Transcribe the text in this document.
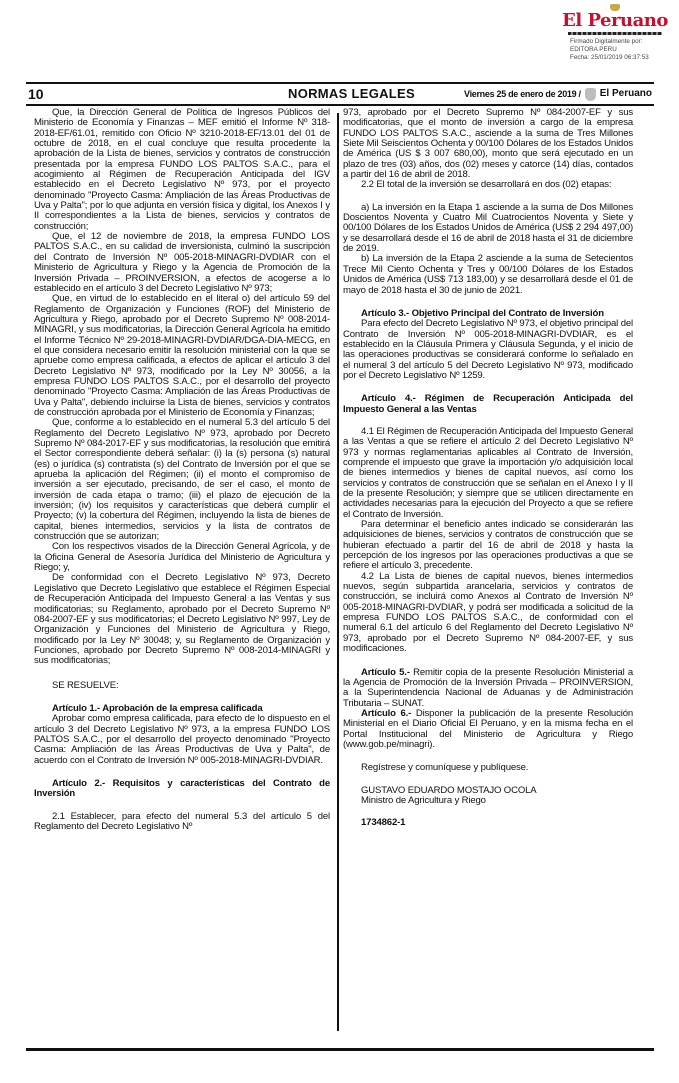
El Peruano
Firmado Digitalmente por:
EDITORA PERU
Fecha: 25/01/2019 06:37:53
10	NORMAS LEGALES	Viernes 25 de enero de 2019 / El Peruano

Que, la Dirección General de Política de Ingresos Públicos del Ministerio de Economía y Finanzas – MEF emitió el Informe Nº 318-2018-EF/61.01, remitido con Oficio Nº 3210-2018-EF/13.01 del 01 de octubre de 2018, en el cual concluye que resulta procedente la aprobación de la Lista de bienes, servicios y contratos de construcción presentada por la empresa FUNDO LOS PALTOS S.A.C., para el acogimiento al Régimen de Recuperación Anticipada del IGV establecido en el Decreto Legislativo Nº 973, por el proyecto denominado "Proyecto Casma: Ampliación de las Áreas Productivas de Uva y Palta"; por lo que adjunta en versión física y digital, los Anexos I y II correspondientes a la Lista de bienes, servicios y contratos de construcción;

Que, el 12 de noviembre de 2018, la empresa FUNDO LOS PALTOS S.A.C., en su calidad de inversionista, culminó la suscripción del Contrato de Inversión Nº 005-2018-MINAGRI-DVDIAR con el Ministerio de Agricultura y Riego y la Agencia de Promoción de la Inversión Privada – PROINVERSION, a efectos de acogerse a lo establecido en el artículo 3 del Decreto Legislativo Nº 973;

Que, en virtud de lo establecido en el literal o) del artículo 59 del Reglamento de Organización y Funciones (ROF) del Ministerio de Agricultura y Riego, aprobado por el Decreto Supremo Nº 008-2014-MINAGRI, y sus modificatorias, la Dirección General Agrícola ha emitido el Informe Técnico Nº 29-2018-MINAGRI-DVDIAR/DGA-DIA-MECG, en el que considera necesario emitir la resolución ministerial con la que se apruebe como empresa calificada, a efectos de aplicar el artículo 3 del Decreto Legislativo Nº 973, modificado por la Ley Nº 30056, a la empresa FUNDO LOS PALTOS S.A.C., por el desarrollo del proyecto denominado "Proyecto Casma: Ampliación de las Áreas Productivas de Uva y Palta", debiendo incluirse la Lista de bienes, servicios y contratos de construcción aprobada por el Ministerio de Economía y Finanzas;

Que, conforme a lo establecido en el numeral 5.3 del artículo 5 del Reglamento del Decreto Legislativo Nº 973, aprobado por Decreto Supremo Nº 084-2017-EF y sus modificatorias, la resolución que emitirá el Sector correspondiente deberá señalar: (i) la (s) persona (s) natural (es) o jurídica (s) contratista (s) del Contrato de Inversión por el que se aprueba la aplicación del Régimen; (ii) el monto el compromiso de inversión a ser ejecutado, precisando, de ser el caso, el monto de inversión de cada etapa o tramo; (iii) el plazo de ejecución de la inversión; (iv) los requisitos y características que deberá cumplir el Proyecto; (v) la cobertura del Régimen, incluyendo la lista de bienes de capital, bienes intermedios, servicios y la lista de contratos de construcción que se autorizan;

Con los respectivos visados de la Dirección General Agrícola, y de la Oficina General de Asesoría Jurídica del Ministerio de Agricultura y Riego; y,

De conformidad con el Decreto Legislativo Nº 973, Decreto Legislativo que Decreto Legislativo que establece el Régimen Especial de Recuperación Anticipada del Impuesto General a las Ventas y sus modificatorias; su Reglamento, aprobado por el Decreto Supremo Nº 084-2007-EF y sus modificatorias; el Decreto Legislativo Nº 997, Ley de Organización y Funciones del Ministerio de Agricultura y Riego, modificado por la Ley Nº 30048; y, su Reglamento de Organización y Funciones, aprobado por Decreto Supremo Nº 008-2014-MINAGRI y sus modificatorias;

SE RESUELVE:

Artículo 1.- Aprobación de la empresa calificada

Aprobar como empresa calificada, para efecto de lo dispuesto en el artículo 3 del Decreto Legislativo Nº 973, a la empresa FUNDO LOS PALTOS S.A.C., por el desarrollo del proyecto denominado "Proyecto Casma: Ampliación de las Áreas Productivas de Uva y Palta", de acuerdo con el Contrato de Inversión Nº 005-2018-MINAGRI-DVDIAR.

Artículo 2.- Requisitos y características del Contrato de Inversión

2.1 Establecer, para efecto del numeral 5.3 del artículo 5 del Reglamento del Decreto Legislativo Nº

973, aprobado por el Decreto Supremo Nº 084-2007-EF y sus modificatorias, que el monto de inversión a cargo de la empresa FUNDO LOS PALTOS S.A.C., asciende a la suma de Tres Millones Siete Mil Seiscientos Ochenta y 00/100 Dólares de los Estados Unidos de América (US $ 3 007 680,00), monto que será ejecutado en un plazo de tres (03) años, dos (02) meses y catorce (14) días, contados a partir del 16 de abril de 2018.

2.2 El total de la inversión se desarrollará en dos (02) etapas:

a) La inversión en la Etapa 1 asciende a la suma de Dos Millones Doscientos Noventa y Cuatro Mil Cuatrocientos Noventa y Siete y 00/100 Dólares de los Estados Unidos de América (US$ 2 294 497,00) y se desarrollará desde el 16 de abril de 2018 hasta el 31 de diciembre de 2019.

b) La inversión de la Etapa 2 asciende a la suma de Setecientos Trece Mil Ciento Ochenta y Tres y 00/100 Dólares de los Estados Unidos de América (US$ 713 183,00) y se desarrollará desde el 01 de mayo de 2018 hasta el 30 de junio de 2021.

Artículo 3.- Objetivo Principal del Contrato de Inversión

Para efecto del Decreto Legislativo Nº 973, el objetivo principal del Contrato de Inversión Nº 005-2018-MINAGRI-DVDIAR, es el establecido en la Cláusula Primera y Cláusula Segunda, y el inicio de las operaciones productivas se considerará conforme lo señalado en el numeral 3 del artículo 5 del Decreto Legislativo Nº 973, modificado por el Decreto Legislativo Nº 1259.

Artículo 4.- Régimen de Recuperación Anticipada del Impuesto General a las Ventas

4.1 El Régimen de Recuperación Anticipada del Impuesto General a las Ventas a que se refiere el artículo 2 del Decreto Legislativo Nº 973 y normas reglamentarias aplicables al Contrato de Inversión, comprende el impuesto que grave la importación y/o adquisición local de bienes intermedios y bienes de capital nuevos, así como los servicios y contratos de construcción que se señalan en el Anexo I y II de la presente Resolución; y siempre que se utilicen directamente en actividades necesarias para la ejecución del Proyecto a que se refiere el Contrato de Inversión.

Para determinar el beneficio antes indicado se considerarán las adquisiciones de bienes, servicios y contratos de construcción que se hubieran efectuado a partir del 16 de abril de 2018 y hasta la percepción de los ingresos por las operaciones productivas a que se refiere el artículo 3, precedente.

4.2 La Lista de bienes de capital nuevos, bienes intermedios nuevos, según subpartida arancelaria, servicios y contratos de construcción, se incluirá como Anexos al Contrato de Inversión Nº 005-2018-MINAGRI-DVDIAR, y podrá ser modificada a solicitud de la empresa FUNDO LOS PALTOS S.A.C., de conformidad con el numeral 6.1 del artículo 6 del Reglamento del Decreto Legislativo Nº 973, aprobado por el Decreto Supremo Nº 084-2007-EF, y sus modificaciones.

Artículo 5.- Remitir copia de la presente Resolución Ministerial a la Agencia de Promoción de la Inversión Privada – PROINVERSION, a la Superintendencia Nacional de Aduanas y de Administración Tributaria – SUNAT.

Artículo 6.- Disponer la publicación de la presente Resolución Ministerial en el Diario Oficial El Peruano, y en la misma fecha en el Portal Institucional del Ministerio de Agricultura y Riego (www.gob.pe/minagri).

Regístrese y comuníquese y publíquese.

GUSTAVO EDUARDO MOSTAJO OCOLA

Ministro de Agricultura y Riego

1734862-1
